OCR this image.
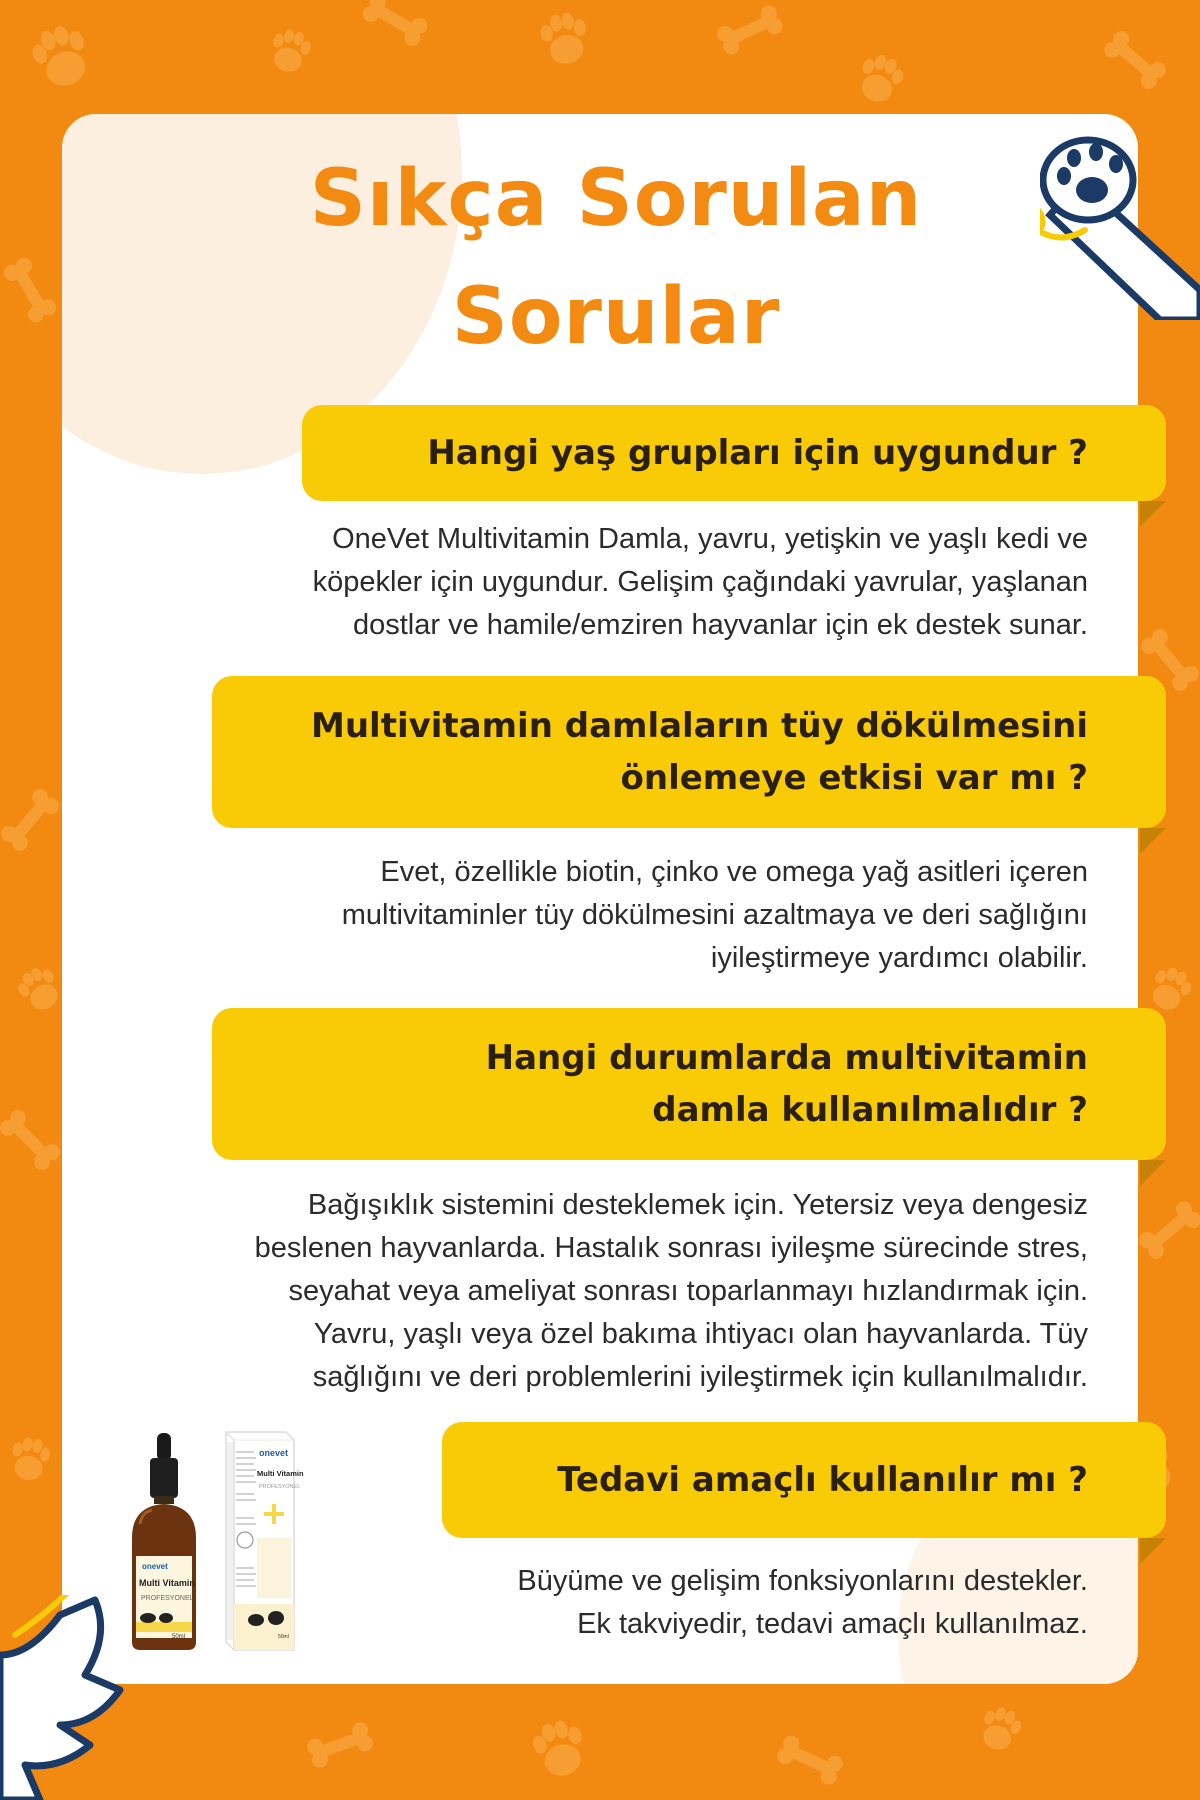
Sıkça Sorulan
Sorular
Hangi yaş grupları için uygundur ?
OneVet Multivitamin Damla, yavru, yetişkin ve yaşlı kedi ve
köpekler için uygundur. Gelişim çağındaki yavrular, yaşlanan
dostlar ve hamile/emziren hayvanlar için ek destek sunar.
Multivitamin damlaların tüy dökülmesini
önlemeye etkisi var mı ?
Evet, özellikle biotin, çinko ve omega yağ asitleri içeren
multivitaminler tüy dökülmesini azaltmaya ve deri sağlığını
iyileştirmeye yardımcı olabilir.
Hangi durumlarda multivitamin
damla kullanılmalıdır ?
Bağışıklık sistemini desteklemek için. Yetersiz veya dengesiz
beslenen hayvanlarda. Hastalık sonrası iyileşme sürecinde stres,
seyahat veya ameliyat sonrası toparlanmayı hızlandırmak için.
Yavru, yaşlı veya özel bakıma ihtiyacı olan hayvanlarda. Tüy
sağlığını ve deri problemlerini iyileştirmek için kullanılmalıdır.
Tedavi amaçlı kullanılır mı ?
Büyüme ve gelişim fonksiyonlarını destekler.
Ek takviyedir, tedavi amaçlı kullanılmaz.
onevet
Multi Vitamin
PROFESYONEL
50ml
onevet
Multi Vitamin
PROFESYONEL
50ml
